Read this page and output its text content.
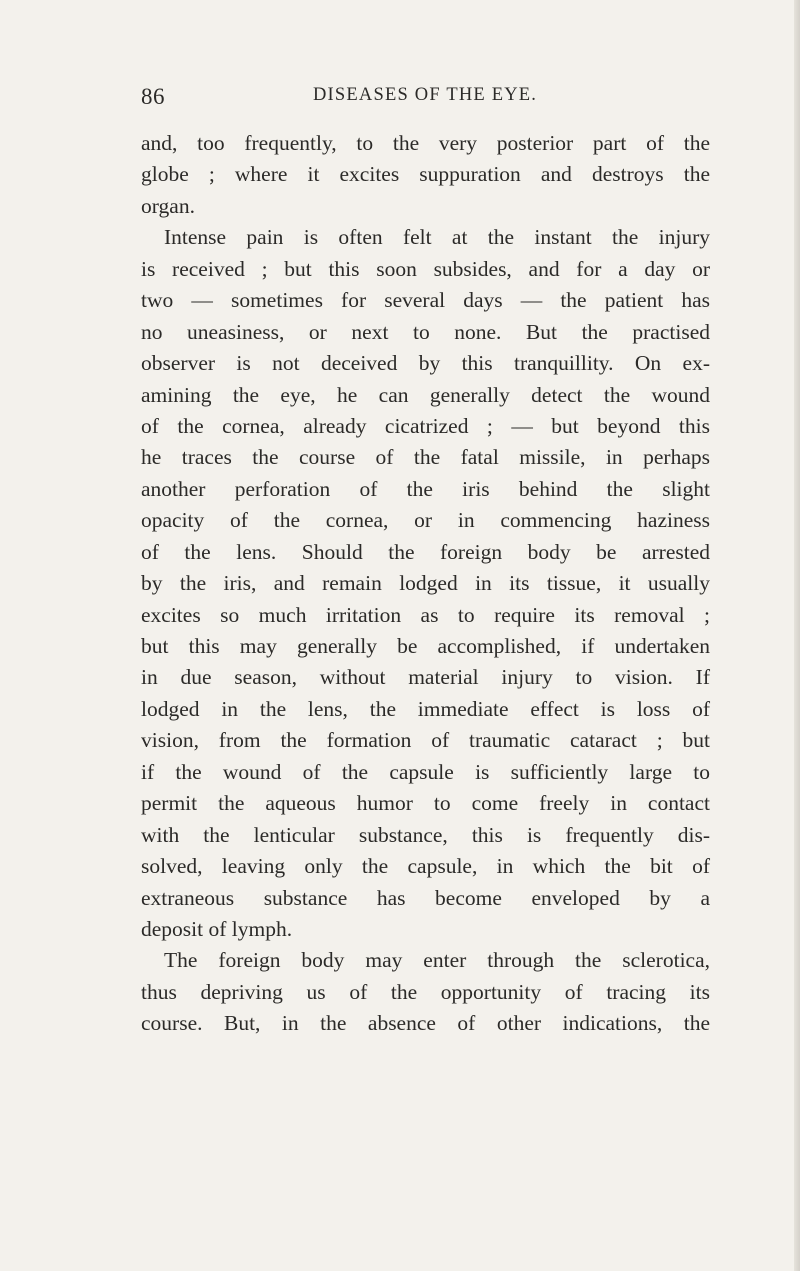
86	DISEASES OF THE EYE.
and, too frequently, to the very posterior part of the
globe ; where it excites suppuration and destroys the
organ.
Intense pain is often felt at the instant the injury
is received ; but this soon subsides, and for a day or
two — sometimes for several days — the patient has
no uneasiness, or next to none. But the practised
observer is not deceived by this tranquillity. On ex-
amining the eye, he can generally detect the wound
of the cornea, already cicatrized ; — but beyond this
he traces the course of the fatal missile, in perhaps
another perforation of the iris behind the slight
opacity of the cornea, or in commencing haziness
of the lens. Should the foreign body be arrested
by the iris, and remain lodged in its tissue, it usually
excites so much irritation as to require its removal ;
but this may generally be accomplished, if undertaken
in due season, without material injury to vision. If
lodged in the lens, the immediate effect is loss of
vision, from the formation of traumatic cataract ; but
if the wound of the capsule is sufficiently large to
permit the aqueous humor to come freely in contact
with the lenticular substance, this is frequently dis-
solved, leaving only the capsule, in which the bit of
extraneous substance has become enveloped by a
deposit of lymph.
The foreign body may enter through the sclerotica,
thus depriving us of the opportunity of tracing its
course. But, in the absence of other indications, the
